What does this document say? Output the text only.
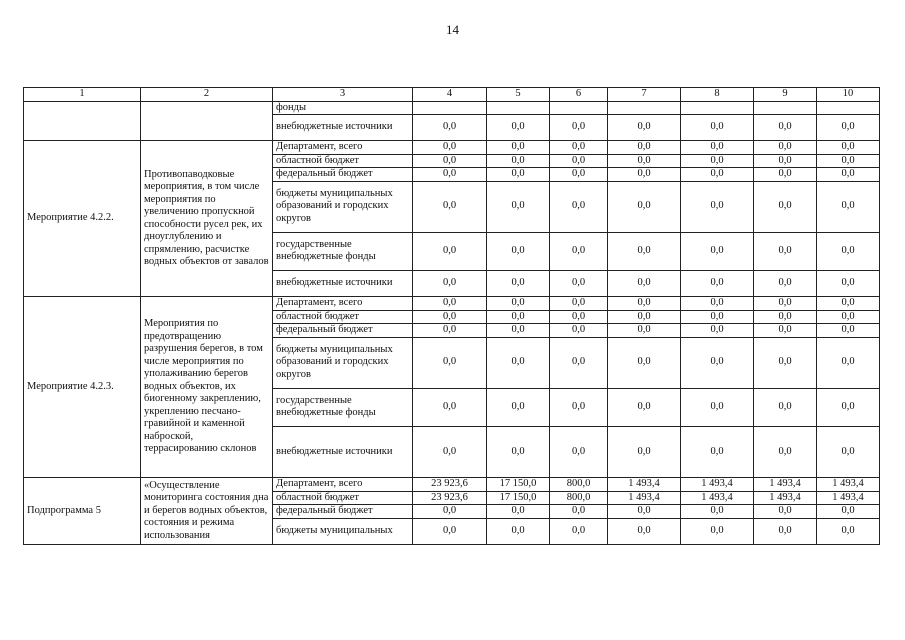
14
1	2	3	4	5	6	7	8	9	10
		фонды							
		внебюджетные источники	0,0	0,0	0,0	0,0	0,0	0,0	0,0
Мероприятие 4.2.2.	Противопаводковые мероприятия, в том числе мероприятия по увеличению пропускной способности русел рек, их дноуглублению и спрямлению, расчистке водных объектов от завалов	Департамент, всего	0,0	0,0	0,0	0,0	0,0	0,0	0,0
		областной бюджет	0,0	0,0	0,0	0,0	0,0	0,0	0,0
		федеральный бюджет	0,0	0,0	0,0	0,0	0,0	0,0	0,0
		бюджеты муниципальных образований и городских округов	0,0	0,0	0,0	0,0	0,0	0,0	0,0
		государственные внебюджетные фонды	0,0	0,0	0,0	0,0	0,0	0,0	0,0
		внебюджетные источники	0,0	0,0	0,0	0,0	0,0	0,0	0,0
Мероприятие 4.2.3.	Мероприятия по предотвращению разрушения берегов, в том числе мероприятия по уполаживанию берегов водных объектов, их биогенному закреплению, укреплению песчано-гравийной и каменной наброской, террасированию склонов	Департамент, всего	0,0	0,0	0,0	0,0	0,0	0,0	0,0
		областной бюджет	0,0	0,0	0,0	0,0	0,0	0,0	0,0
		федеральный бюджет	0,0	0,0	0,0	0,0	0,0	0,0	0,0
		бюджеты муниципальных образований и городских округов	0,0	0,0	0,0	0,0	0,0	0,0	0,0
		государственные внебюджетные фонды	0,0	0,0	0,0	0,0	0,0	0,0	0,0
		внебюджетные источники	0,0	0,0	0,0	0,0	0,0	0,0	0,0
Подпрограмма 5	«Осуществление мониторинга состояния дна и берегов водных объектов, состояния и режима использования	Департамент, всего	23 923,6	17 150,0	800,0	1 493,4	1 493,4	1 493,4	1 493,4
		областной бюджет	23 923,6	17 150,0	800,0	1 493,4	1 493,4	1 493,4	1 493,4
		федеральный бюджет	0,0	0,0	0,0	0,0	0,0	0,0	0,0
		бюджеты муниципальных	0,0	0,0	0,0	0,0	0,0	0,0	0,0
